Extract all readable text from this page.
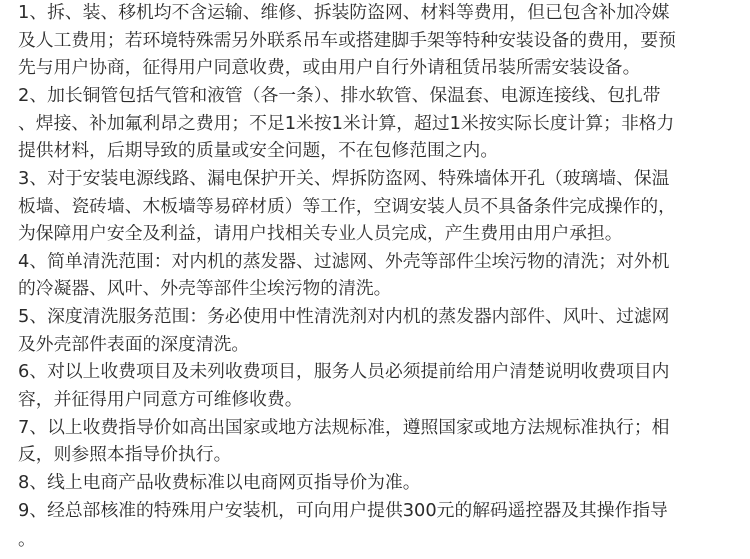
1、拆、装、移机均不含运输、维修、拆装防盗网、材料等费用，但已包含补加冷媒
及人工费用；若环境特殊需另外联系吊车或搭建脚手架等特种安装设备的费用，要预
先与用户协商，征得用户同意收费，或由用户自行外请租赁吊装所需安装设备。
2、加长铜管包括气管和液管（各一条）、排水软管、保温套、电源连接线、包扎带
、焊接、补加氟利昂之费用；不足1米按1米计算，超过1米按实际长度计算；非格力
提供材料，后期导致的质量或安全问题，不在包修范围之内。
3、对于安装电源线路、漏电保护开关、焊拆防盗网、特殊墙体开孔（玻璃墙、保温
板墙、瓷砖墙、木板墙等易碎材质）等工作，空调安装人员不具备条件完成操作的，
为保障用户安全及利益，请用户找相关专业人员完成，产生费用由用户承担。
4、简单清洗范围：对内机的蒸发器、过滤网、外壳等部件尘埃污物的清洗；对外机
的冷凝器、风叶、外壳等部件尘埃污物的清洗。
5、深度清洗服务范围：务必使用中性清洗剂对内机的蒸发器内部件、风叶、过滤网
及外壳部件表面的深度清洗。
6、对以上收费项目及未列收费项目，服务人员必须提前给用户清楚说明收费项目内
容，并征得用户同意方可维修收费。
7、以上收费指导价如高出国家或地方法规标准，遵照国家或地方法规标准执行；相
反，则参照本指导价执行。
8、线上电商产品收费标准以电商网页指导价为准。
9、经总部核准的特殊用户安装机，可向用户提供300元的解码遥控器及其操作指导
。
